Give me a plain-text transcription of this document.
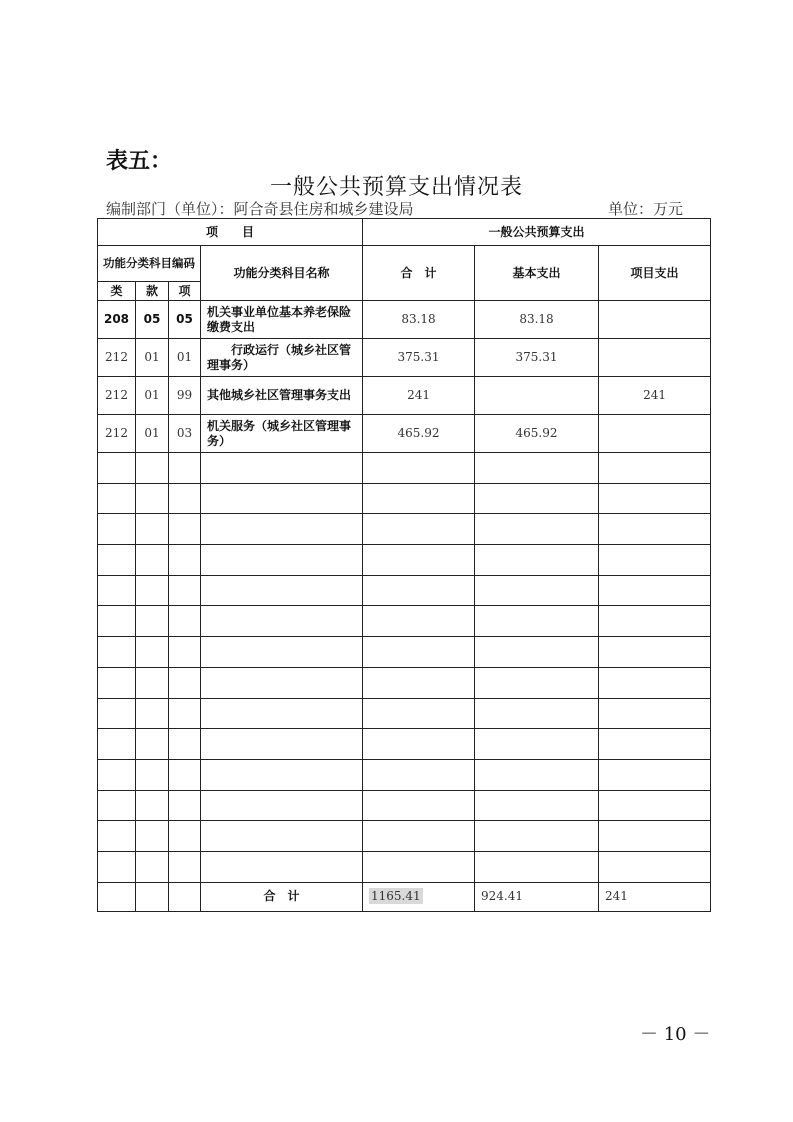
表五：
一般公共预算支出情况表
编制部门（单位）：阿合奇县住房和城乡建设局	单位：万元
项　　目				一般公共预算支出		
功能分类科目编码			功能分类科目名称	合　计	基本支出	项目支出
类	款	项				
208	05	05	机关事业单位基本养老保险缴费支出	83.18	83.18	
212	01	01	行政运行（城乡社区管理事务）	375.31	375.31	
212	01	99	其他城乡社区管理事务支出	241		241
212	01	03	机关服务（城乡社区管理事务）	465.92	465.92	

			合　计	1165.41	924.41	241
－ 10 －
